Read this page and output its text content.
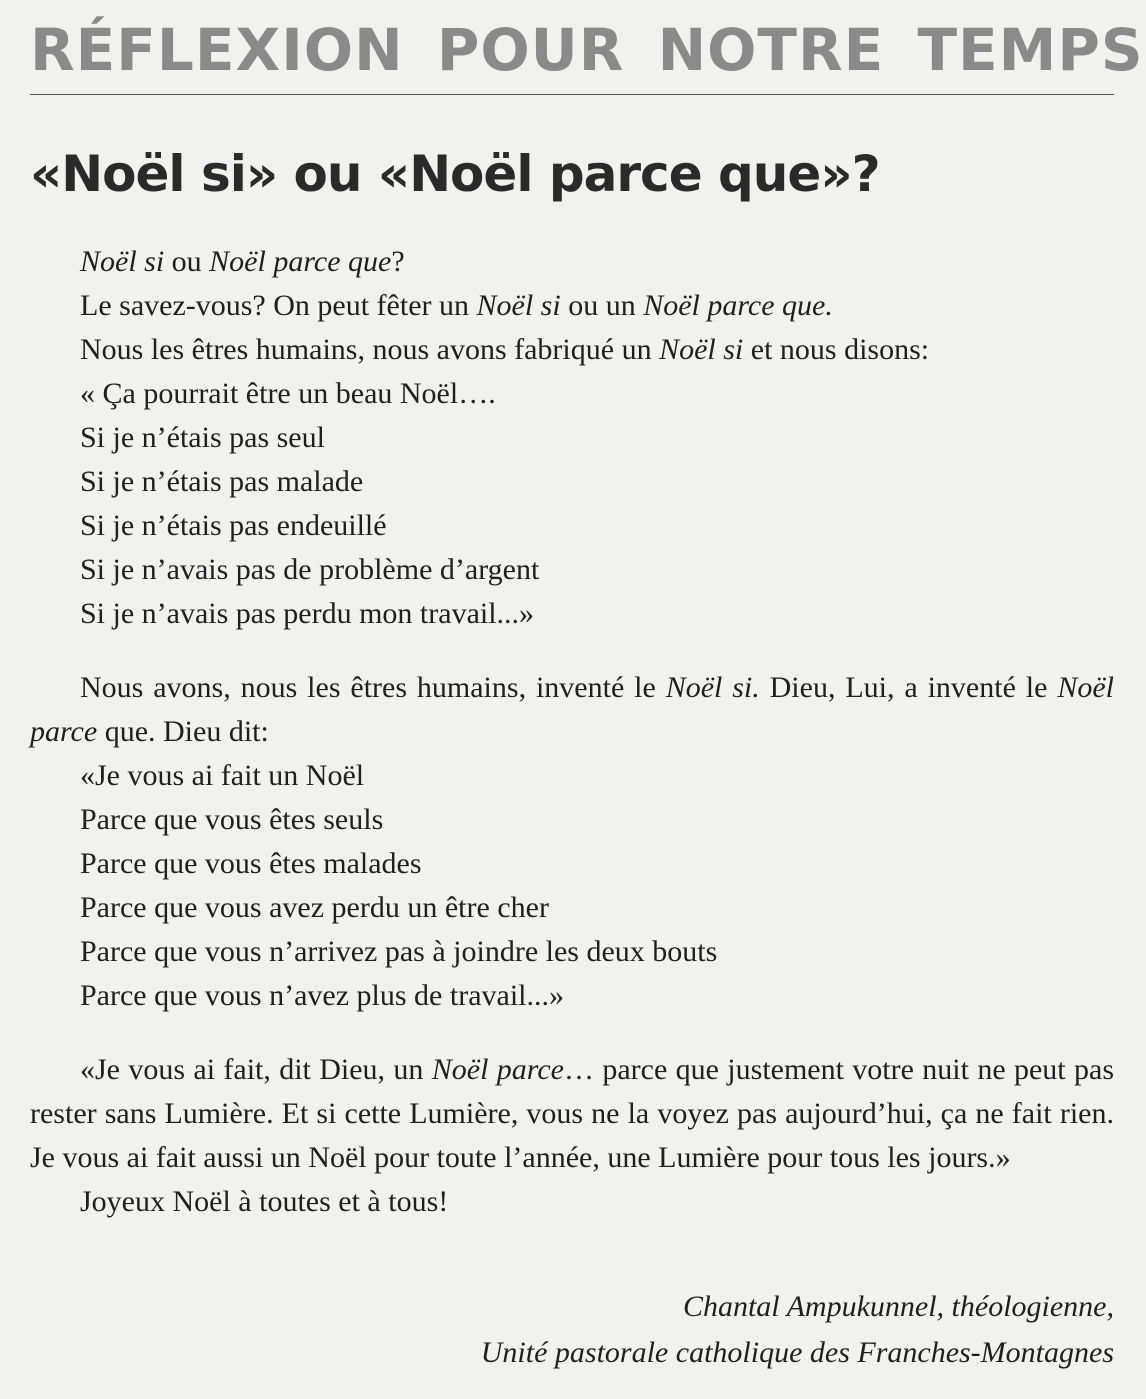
RÉFLEXION POUR NOTRE TEMPS
«Noël si» ou «Noël parce que»?
Noël si ou Noël parce que?
Le savez-vous? On peut fêter un Noël si ou un Noël parce que.
Nous les êtres humains, nous avons fabriqué un Noël si et nous disons:
« Ça pourrait être un beau Noël….
Si je n’étais pas seul
Si je n’étais pas malade
Si je n’étais pas endeuillé
Si je n’avais pas de problème d’argent
Si je n’avais pas perdu mon travail...»

Nous avons, nous les êtres humains, inventé le Noël si. Dieu, Lui, a inventé le Noël parce que. Dieu dit:

«Je vous ai fait un Noël
Parce que vous êtes seuls
Parce que vous êtes malades
Parce que vous avez perdu un être cher
Parce que vous n’arrivez pas à joindre les deux bouts
Parce que vous n’avez plus de travail...»

«Je vous ai fait, dit Dieu, un Noël parce… parce que justement votre nuit ne peut pas rester sans Lumière. Et si cette Lumière, vous ne la voyez pas aujourd’hui, ça ne fait rien. Je vous ai fait aussi un Noël pour toute l’année, une Lumière pour tous les jours.»

Joyeux Noël à toutes et à tous!
Chantal Ampukunnel, théologienne,
Unité pastorale catholique des Franches-Montagnes
